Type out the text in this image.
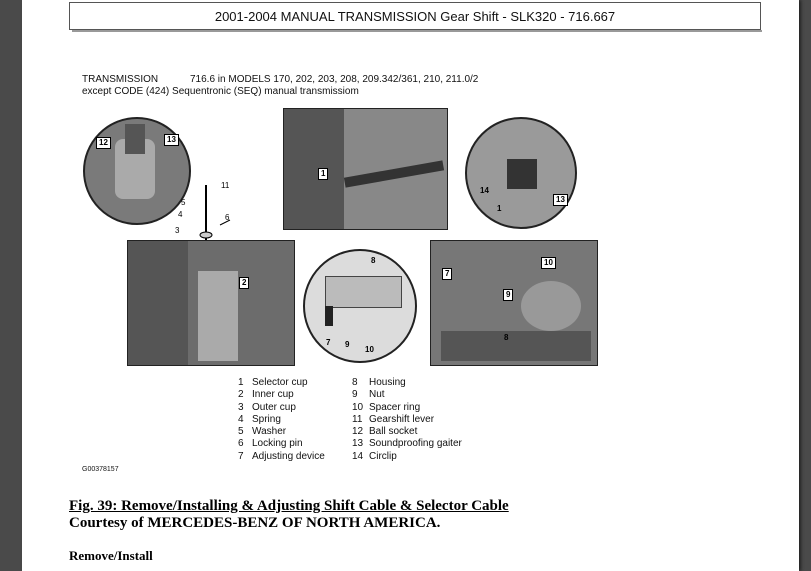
2001-2004 MANUAL TRANSMISSION Gear Shift - SLK320 - 716.667
TRANSMISSION	716.6 in MODELS 170, 202, 203, 208, 209.342/361, 210, 211.0/2
except CODE (424) Sequentronic (SEQ) manual transmissiom
12	13
11
5
4	6
3
2
1
14
13
1
8
7 9
10
7
10
9
8
1 Selector cup	8 Housing
2 Inner cup	9 Nut
3 Outer cup	10 Spacer ring
4 Spring	11 Gearshift lever
5 Washer	12 Ball socket
6 Locking pin	13 Soundproofing gaiter
7 Adjusting device	14 Circlip
G00378157
Fig. 39: Remove/Installing & Adjusting Shift Cable & Selector Cable
Courtesy of MERCEDES-BENZ OF NORTH AMERICA.
Remove/Install
